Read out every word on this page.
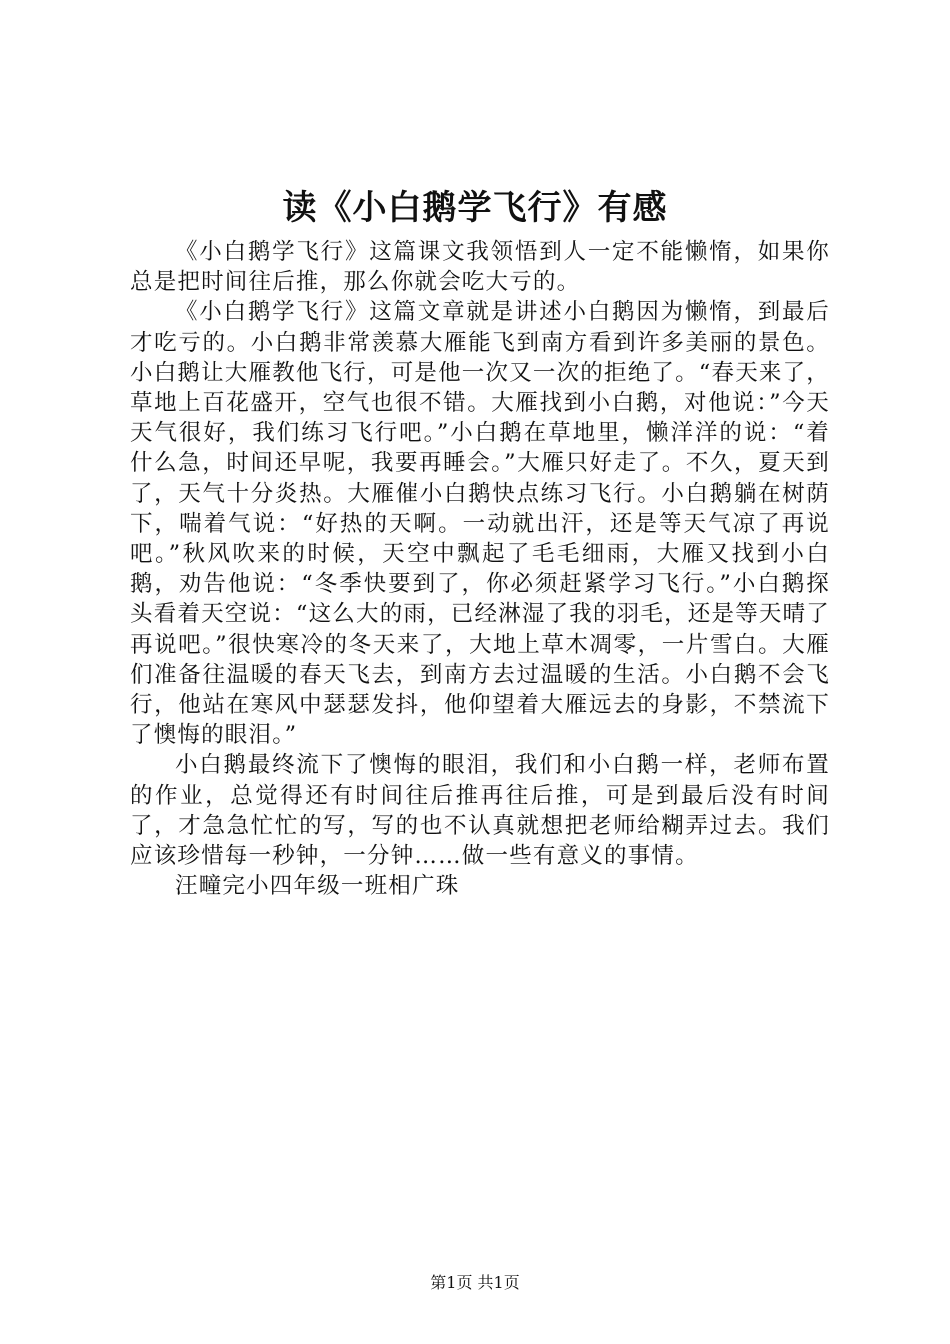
读《小白鹅学飞行》有感

《小白鹅学飞行》这篇课文我领悟到人一定不能懒惰，如果你总是把时间往后推，那么你就会吃大亏的。

《小白鹅学飞行》这篇文章就是讲述小白鹅因为懒惰，到最后才吃亏的。小白鹅非常羡慕大雁能飞到南方看到许多美丽的景色。小白鹅让大雁教他飞行，可是他一次又一次的拒绝了。“春天来了，草地上百花盛开，空气也很不错。大雁找到小白鹅，对他说：”今天天气很好，我们练习飞行吧。”小白鹅在草地里，懒洋洋的说：“着什么急，时间还早呢，我要再睡会。”大雁只好走了。不久，夏天到了，天气十分炎热。大雁催小白鹅快点练习飞行。小白鹅躺在树荫下，喘着气说：“好热的天啊。一动就出汗，还是等天气凉了再说吧。”秋风吹来的时候，天空中飘起了毛毛细雨，大雁又找到小白鹅，劝告他说：“冬季快要到了，你必须赶紧学习飞行。”小白鹅探头看着天空说：“这么大的雨，已经淋湿了我的羽毛，还是等天晴了再说吧。”很快寒冷的冬天来了，大地上草木凋零，一片雪白。大雁们准备往温暖的春天飞去，到南方去过温暖的生活。小白鹅不会飞行，他站在寒风中瑟瑟发抖，他仰望着大雁远去的身影，不禁流下了懊悔的眼泪。”

小白鹅最终流下了懊悔的眼泪，我们和小白鹅一样，老师布置的作业，总觉得还有时间往后推再往后推，可是到最后没有时间了，才急急忙忙的写，写的也不认真就想把老师给糊弄过去。我们应该珍惜每一秒钟，一分钟……做一些有意义的事情。

汪疃完小四年级一班相广珠

第1页 共1页
